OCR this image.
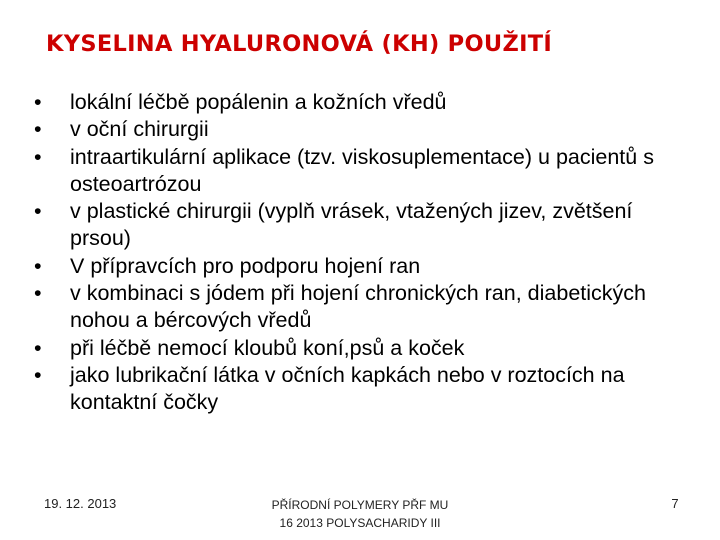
KYSELINA HYALURONOVÁ (KH) POUŽITÍ
•	lokální léčbě popálenin a kožních vředů
•	v oční chirurgii
•	intraartikulární aplikace (tzv. viskosuplementace) u pacientů s osteoartrózou
•	v plastické chirurgii (vyplň vrásek, vtažených jizev, zvětšení prsou)
•	V přípravcích pro podporu hojení ran
•	v kombinaci s jódem při hojení chronických ran, diabetických nohou a bércových vředů
•	při léčbě nemocí kloubů koní,psů a koček
•	jako lubrikační látka v očních kapkách nebo v roztocích na kontaktní čočky
19. 12. 2013	PŘÍRODNÍ POLYMERY PŘF MU
16 2013 POLYSACHARIDY III
7
